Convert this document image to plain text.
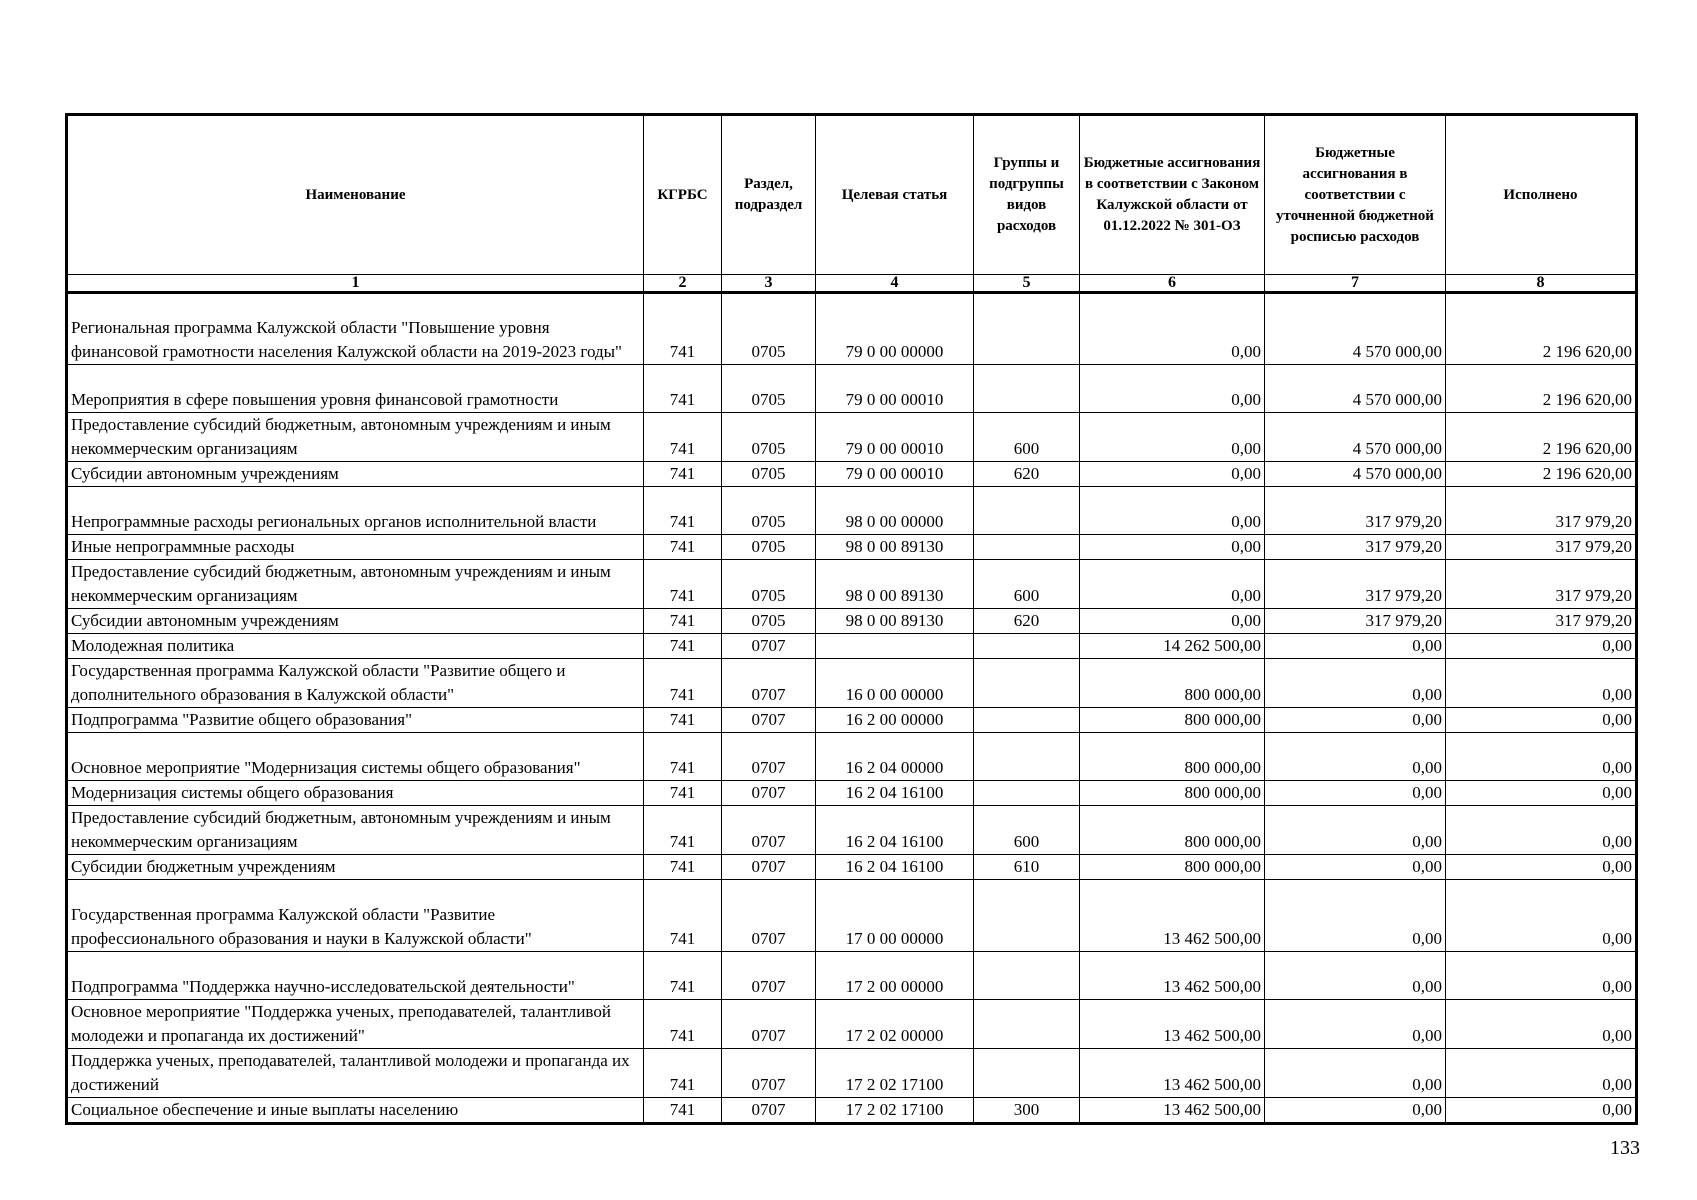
Наименование	КГРБС	Раздел, подраздел	Целевая статья	Группы и подгруппы видов расходов	Бюджетные ассигнования в соответствии с Законом Калужской области от 01.12.2022 № 301-ОЗ	Бюджетные ассигнования в соответствии с уточненной бюджетной росписью расходов	Исполнено
1	2	3	4	5	6	7	8
Региональная программа Калужской области "Повышение уровня финансовой грамотности населения Калужской области на 2019-2023 годы"	741	0705	79 0 00 00000		0,00	4 570 000,00	2 196 620,00
Мероприятия в сфере повышения уровня финансовой грамотности	741	0705	79 0 00 00010		0,00	4 570 000,00	2 196 620,00
Предоставление субсидий бюджетным, автономным учреждениям и иным некоммерческим организациям	741	0705	79 0 00 00010	600	0,00	4 570 000,00	2 196 620,00
Субсидии автономным учреждениям	741	0705	79 0 00 00010	620	0,00	4 570 000,00	2 196 620,00
Непрограммные расходы региональных органов исполнительной власти	741	0705	98 0 00 00000		0,00	317 979,20	317 979,20
Иные непрограммные расходы	741	0705	98 0 00 89130		0,00	317 979,20	317 979,20
Предоставление субсидий бюджетным, автономным учреждениям и иным некоммерческим организациям	741	0705	98 0 00 89130	600	0,00	317 979,20	317 979,20
Субсидии автономным учреждениям	741	0705	98 0 00 89130	620	0,00	317 979,20	317 979,20
Молодежная политика	741	0707			14 262 500,00	0,00	0,00
Государственная программа Калужской области "Развитие общего и дополнительного образования в Калужской области"	741	0707	16 0 00 00000		800 000,00	0,00	0,00
Подпрограмма "Развитие общего образования"	741	0707	16 2 00 00000		800 000,00	0,00	0,00
Основное мероприятие "Модернизация системы общего образования"	741	0707	16 2 04 00000		800 000,00	0,00	0,00
Модернизация системы общего образования	741	0707	16 2 04 16100		800 000,00	0,00	0,00
Предоставление субсидий бюджетным, автономным учреждениям и иным некоммерческим организациям	741	0707	16 2 04 16100	600	800 000,00	0,00	0,00
Субсидии бюджетным учреждениям	741	0707	16 2 04 16100	610	800 000,00	0,00	0,00
Государственная программа Калужской области "Развитие профессионального образования и науки в Калужской области"	741	0707	17 0 00 00000		13 462 500,00	0,00	0,00
Подпрограмма "Поддержка научно-исследовательской деятельности"	741	0707	17 2 00 00000		13 462 500,00	0,00	0,00
Основное мероприятие "Поддержка ученых, преподавателей, талантливой молодежи и пропаганда их достижений"	741	0707	17 2 02 00000		13 462 500,00	0,00	0,00
Поддержка ученых, преподавателей, талантливой молодежи и пропаганда их достижений	741	0707	17 2 02 17100		13 462 500,00	0,00	0,00
Социальное обеспечение и иные выплаты населению	741	0707	17 2 02 17100	300	13 462 500,00	0,00	0,00
133
